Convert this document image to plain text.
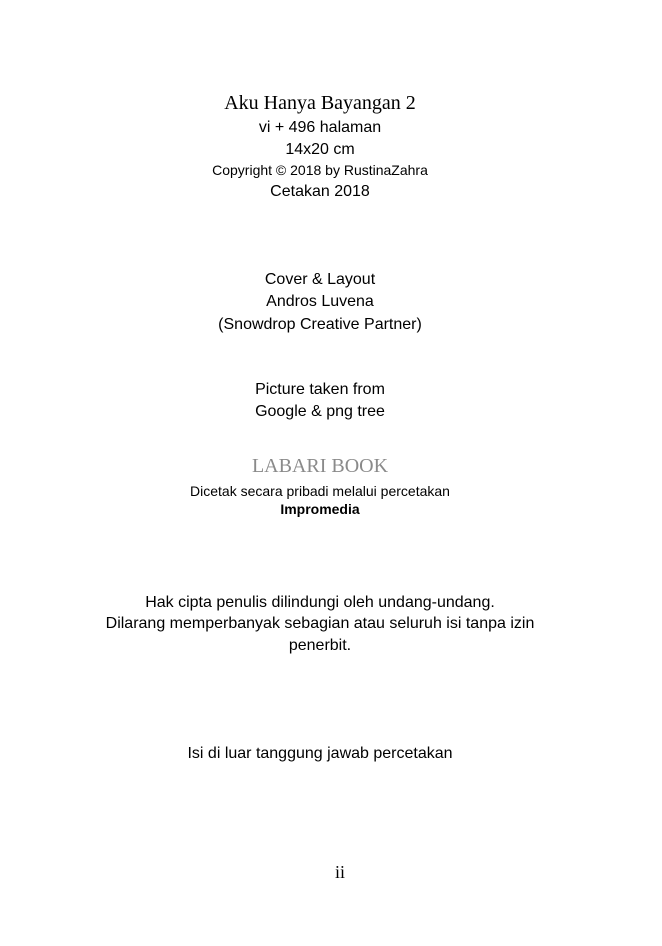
Aku Hanya Bayangan 2
vi + 496 halaman
14x20 cm
Copyright © 2018 by RustinaZahra
Cetakan 2018
Cover & Layout
Andros Luvena
(Snowdrop Creative Partner)
Picture taken from
Google & png tree
LABARI BOOK
Dicetak secara pribadi melalui percetakan
Impromedia
Hak cipta penulis dilindungi oleh undang-undang.
Dilarang memperbanyak sebagian atau seluruh isi tanpa izin
penerbit.
Isi di luar tanggung jawab percetakan
ii
